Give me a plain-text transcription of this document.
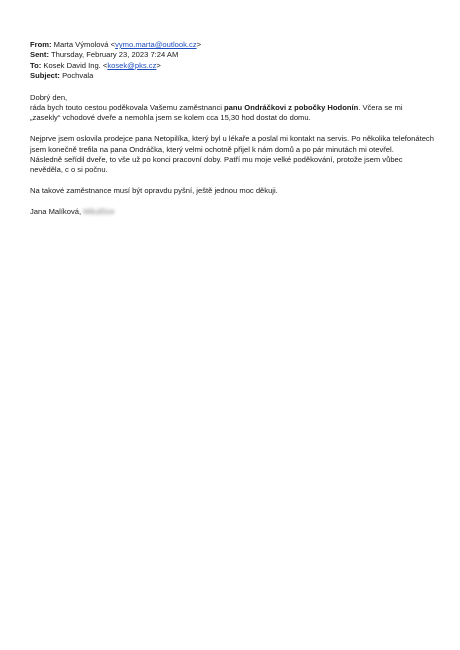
From: Marta Výmolová <vymo.marta@outlook.cz>
Sent: Thursday, February 23, 2023 7:24 AM
To: Kosek David Ing. <kosek@pks.cz>
Subject: Pochvala

Dobrý den,

ráda bych touto cestou poděkovala Vašemu zaměstnanci panu Ondráčkovi z pobočky Hodonín. Včera se mi „zasekly“ vchodové dveře a nemohla jsem se kolem cca 15,30 hod dostat do domu.

Nejprve jsem oslovila prodejce pana Netopilíka, který byl u lékaře a poslal mi kontakt na servis. Po několika telefonátech jsem konečně trefila na pana Ondráčka, který velmi ochotně přijel k nám domů a po pár minutách mi otevřel.

Následně seřídil dveře, to vše už po konci pracovní doby. Patří mu moje velké poděkování, protože jsem vůbec nevěděla, c o si počnu.

Na takové zaměstnance musí být opravdu pyšní, ještě jednou moc děkuji.

Jana Malíková, Mikulčice
